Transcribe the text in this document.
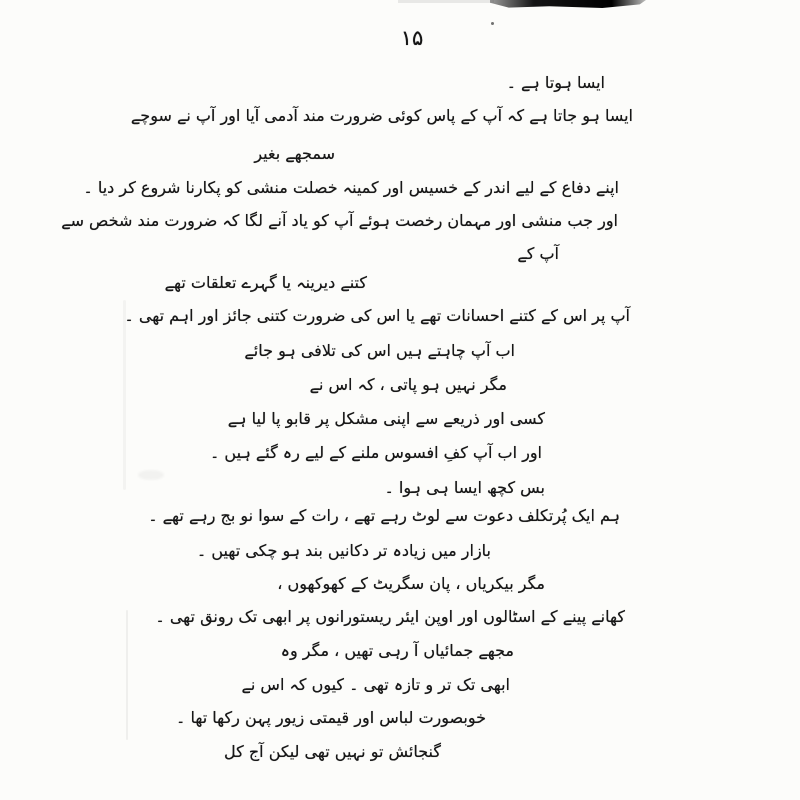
۱۵
ایسا ہوتا ہے ۔
ایسا ہو جاتا ہے کہ آپ کے پاس کوئی ضرورت مند آدمی آیا اور آپ نے سوچے
سمجھے بغیر
اپنے دفاع کے لیے اندر کے خسیس اور کمینہ خصلت منشی کو پکارنا شروع کر دیا ۔
اور جب منشی اور مہمان رخصت ہوئے آپ کو یاد آنے لگا کہ ضرورت مند شخص سے
آپ کے
کتنے دیرینہ یا گہرے تعلقات تھے
آپ پر اس کے کتنے احسانات تھے یا اس کی ضرورت کتنی جائز اور اہم تھی ۔
اب آپ چاہتے ہیں اس کی تلافی ہو جائے
مگر نہیں ہو پاتی ، کہ اس نے
کسی اور ذریعے سے اپنی مشکل پر قابو پا لیا ہے
اور اب آپ کفِ افسوس ملنے کے لیے رہ گئے ہیں ۔
بس کچھ ایسا ہی ہوا ۔
ہم ایک پُرتکلف دعوت سے لوٹ رہے تھے ، رات کے سوا نو بج رہے تھے ۔
بازار میں زیادہ تر دکانیں بند ہو چکی تھیں ۔
مگر بیکریاں ، پان سگریٹ کے کھوکھوں ،
کھانے پینے کے اسٹالوں اور اوپن ایئر ریستورانوں پر ابھی تک رونق تھی ۔
مجھے جمائیاں آ رہی تھیں ، مگر وہ
ابھی تک تر و تازہ تھی ۔ کیوں کہ اس نے
خوبصورت لباس اور قیمتی زیور پہن رکھا تھا ۔
گنجائش تو نہیں تھی لیکن آج کل
